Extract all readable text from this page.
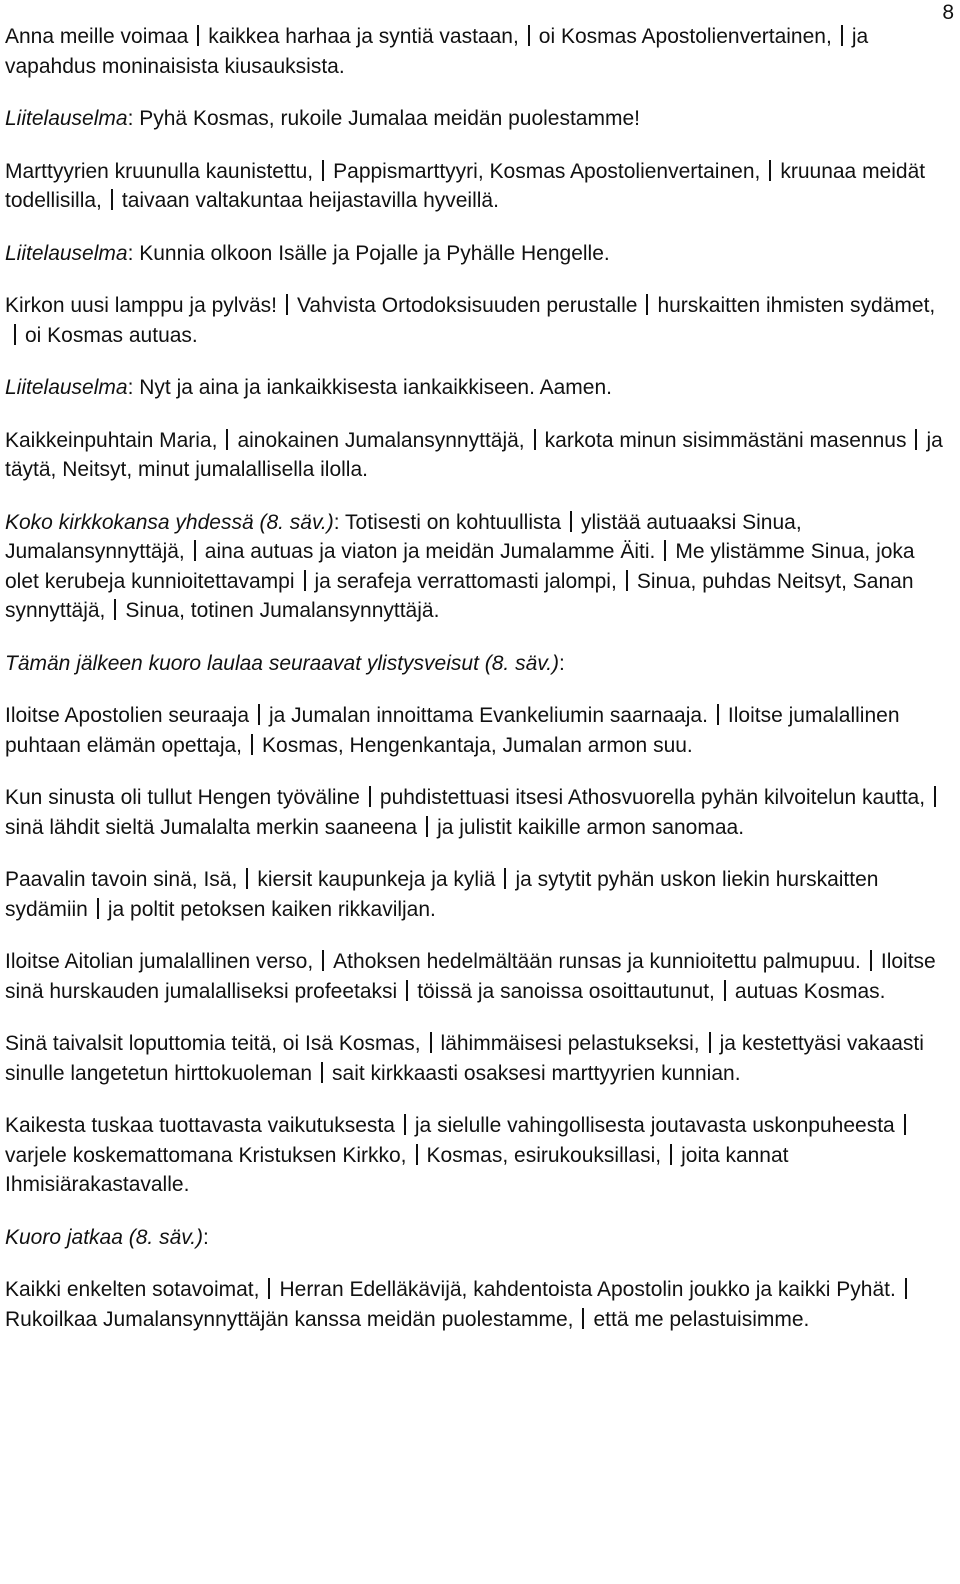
8

Anna meille voimaa kaikkea harhaa ja syntiä vastaan, oi Kosmas Apostolienvertainen, ja vapahdus moninaisista kiusauksista.

Liitelauselma: Pyhä Kosmas, rukoile Jumalaa meidän puolestamme!

Marttyyrien kruunulla kaunistettu, Pappismarttyyri, Kosmas Apostolienvertainen, kruunaa meidät todellisilla, taivaan valtakuntaa heijastavilla hyveillä.

Liitelauselma: Kunnia olkoon Isälle ja Pojalle ja Pyhälle Hengelle.

Kirkon uusi lamppu ja pylväs! Vahvista Ortodoksisuuden perustalle hurskaitten ihmisten sydämet,oi Kosmas autuas.

Liitelauselma: Nyt ja aina ja iankaikkisesta iankaikkiseen. Aamen.

Kaikkeinpuhtain Maria, ainokainen Jumalansynnyttäjä, karkota minun sisimmästäni masennus ja täytä, Neitsyt, minut jumalallisella ilolla.

Koko kirkkokansa yhdessä (8. säv.): Totisesti on kohtuullista ylistää autuaaksi Sinua, Jumalansynnyttäjä, aina autuas ja viaton ja meidän Jumalamme Äiti. Me ylistämme Sinua, joka olet kerubeja kunnioitettavampi ja serafeja verrattomasti jalompi, Sinua, puhdas Neitsyt, Sanan synnyttäjä, Sinua, totinen Jumalansynnyttäjä.

Tämän jälkeen kuoro laulaa seuraavat ylistysveisut (8. säv.):

Iloitse Apostolien seuraaja ja Jumalan innoittama Evankeliumin saarnaaja. Iloitse jumalallinen puhtaan elämän opettaja, Kosmas, Hengenkantaja, Jumalan armon suu.

Kun sinusta oli tullut Hengen työväline puhdistettuasi itsesi Athosvuorella pyhän kilvoitelun kautta,sinä lähdit sieltä Jumalalta merkin saaneena ja julistit kaikille armon sanomaa.

Paavalin tavoin sinä, Isä, kiersit kaupunkeja ja kyliä ja sytytit pyhän uskon liekin hurskaitten sydämiin ja poltit petoksen kaiken rikkaviljan.

Iloitse Aitolian jumalallinen verso, Athoksen hedelmältään runsas ja kunnioitettu palmupuu. Iloitse sinä hurskauden jumalalliseksi profeetaksi töissä ja sanoissa osoittautunut, autuas Kosmas.

Sinä taivalsit loputtomia teitä, oi Isä Kosmas, lähimmäisesi pelastukseksi, ja kestettyäsi vakaasti sinulle langetetun hirttokuoleman sait kirkkaasti osaksesi marttyyrien kunnian.

Kaikesta tuskaa tuottavasta vaikutuksesta ja sielulle vahingollisesta joutavasta uskonpuheestavarjele koskemattomana Kristuksen Kirkko, Kosmas, esirukouksillasi, joita kannat Ihmisiärakastavalle.

Kuoro jatkaa (8. säv.):

Kaikki enkelten sotavoimat, Herran Edelläkävijä, kahdentoista Apostolin joukko ja kaikki Pyhät.Rukoilkaa Jumalansynnyttäjän kanssa meidän puolestamme, että me pelastuisimme.
